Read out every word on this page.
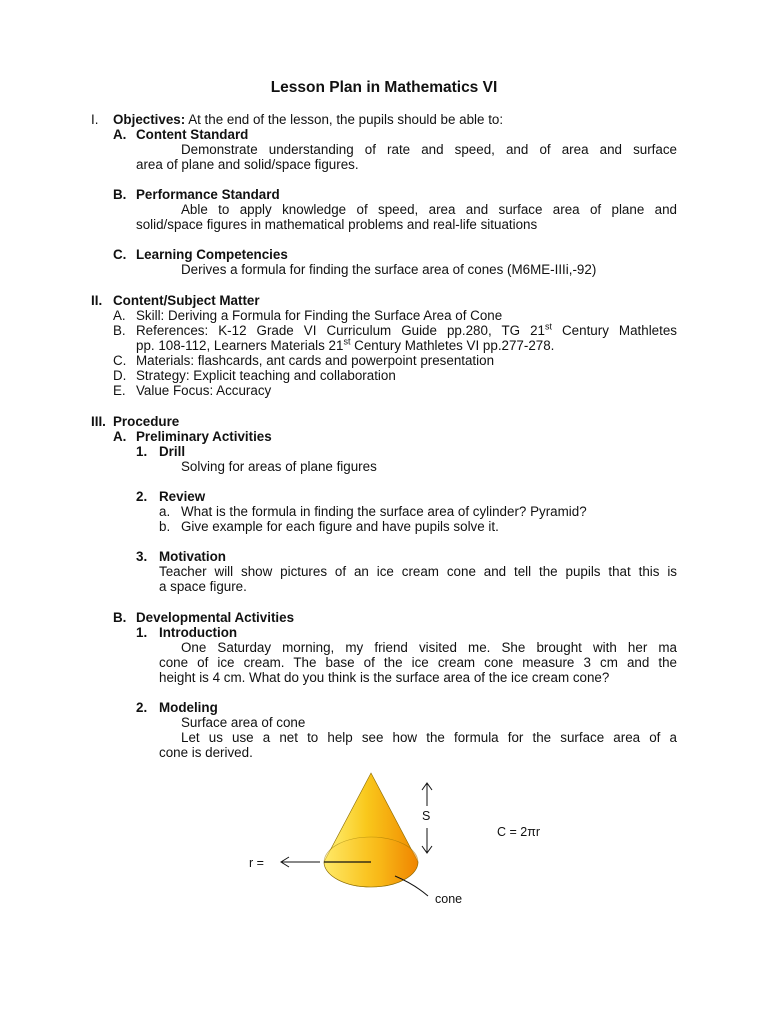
Lesson Plan in Mathematics VI
I. Objectives: At the end of the lesson, the pupils should be able to:
A. Content Standard
Demonstrate understanding of rate and speed, and of area and surface
area of plane and solid/space figures.
B. Performance Standard
Able to apply knowledge of speed, area and surface area of plane and
solid/space figures in mathematical problems and real-life situations
C. Learning Competencies
Derives a formula for finding the surface area of cones (M6ME-IIIi,-92)
II. Content/Subject Matter
A. Skill: Deriving a Formula for Finding the Surface Area of Cone
B. References: K-12 Grade VI Curriculum Guide pp.280, TG 21st Century Mathletes
pp. 108-112, Learners Materials 21st Century Mathletes VI pp.277-278.
C. Materials: flashcards, ant cards and powerpoint presentation
D. Strategy: Explicit teaching and collaboration
E. Value Focus: Accuracy
III. Procedure
A. Preliminary Activities
1. Drill
Solving for areas of plane figures
2. Review
a. What is the formula in finding the surface area of cylinder? Pyramid?
b. Give example for each figure and have pupils solve it.
3. Motivation
Teacher will show pictures of an ice cream cone and tell the pupils that this is
a space figure.
B. Developmental Activities
1. Introduction
One Saturday morning, my friend visited me. She brought with her ma
cone of ice cream. The base of the ice cream cone measure 3 cm and the
height is 4 cm. What do you think is the surface area of the ice cream cone?
2. Modeling
Surface area of cone
Let us use a net to help see how the formula for the surface area of a
cone is derived.
S
C = 2πr
r =
cone
